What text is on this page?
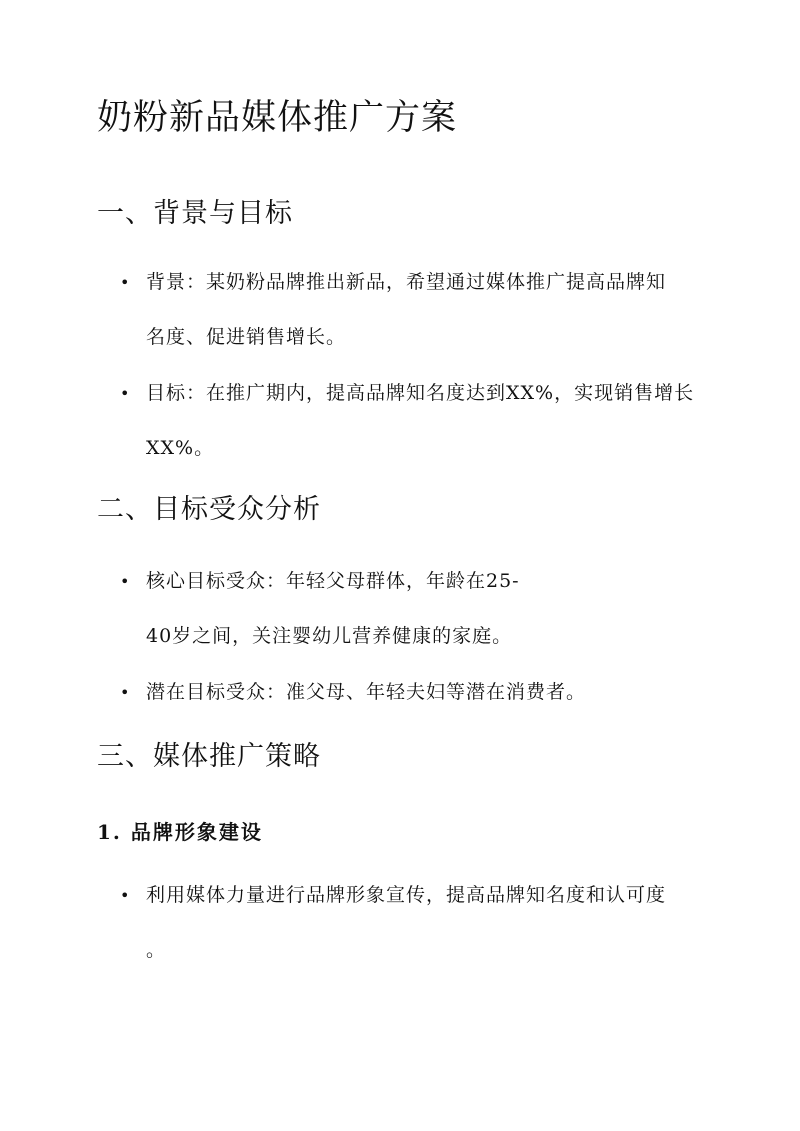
奶粉新品媒体推广方案
一、背景与目标
• 背景：某奶粉品牌推出新品，希望通过媒体推广提高品牌知
名度、促进销售增长。
• 目标：在推广期内，提高品牌知名度达到XX%，实现销售增长
XX%。
二、目标受众分析
• 核心目标受众：年轻父母群体，年龄在25-
40岁之间，关注婴幼儿营养健康的家庭。
• 潜在目标受众：准父母、年轻夫妇等潜在消费者。
三、媒体推广策略
1. 品牌形象建设
• 利用媒体力量进行品牌形象宣传，提高品牌知名度和认可度
。
